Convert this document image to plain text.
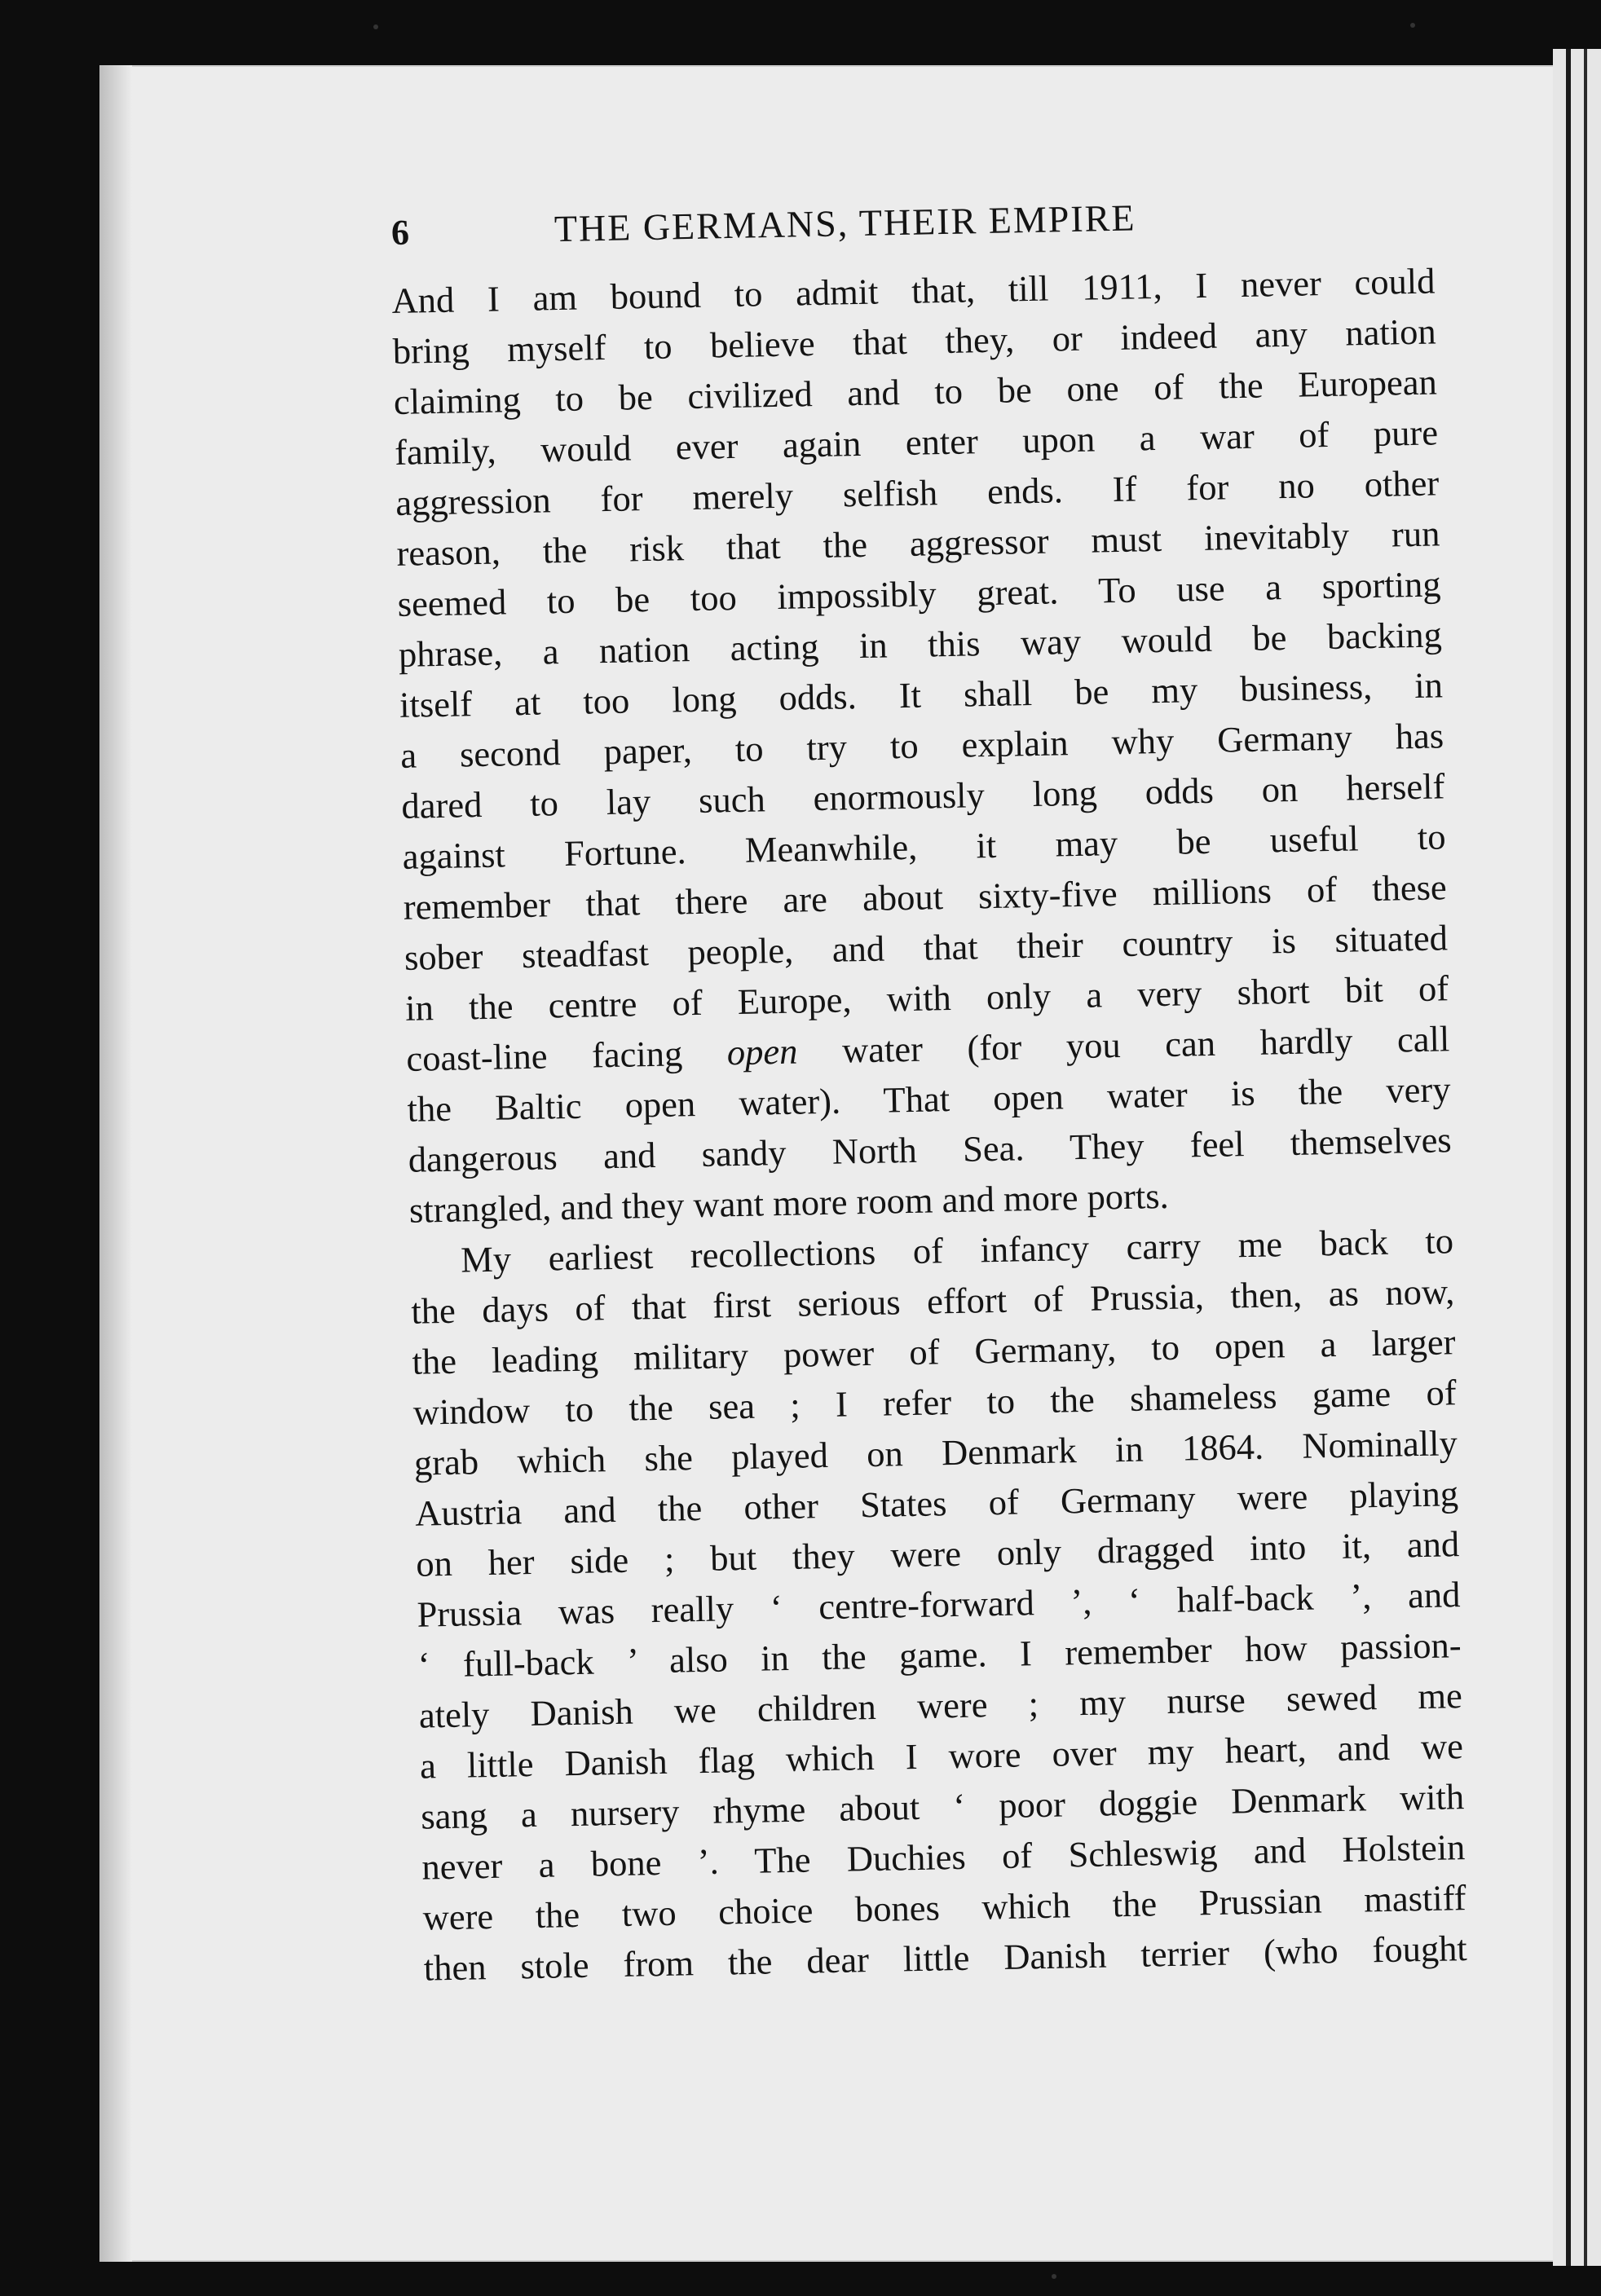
6	THE GERMANS, THEIR EMPIRE
And I am bound to admit that, till 1911, I never could
bring myself to believe that they, or indeed any nation
claiming to be civilized and to be one of the European
family, would ever again enter upon a war of pure
aggression for merely selfish ends. If for no other
reason, the risk that the aggressor must inevitably run
seemed to be too impossibly great. To use a sporting
phrase, a nation acting in this way would be backing
itself at too long odds. It shall be my business, in
a second paper, to try to explain why Germany has
dared to lay such enormously long odds on herself
against Fortune. Meanwhile, it may be useful to
remember that there are about sixty-five millions of these
sober steadfast people, and that their country is situated
in the centre of Europe, with only a very short bit of
coast-line facing open water (for you can hardly call
the Baltic open water). That open water is the very
dangerous and sandy North Sea. They feel themselves
strangled, and they want more room and more ports.
My earliest recollections of infancy carry me back to
the days of that first serious effort of Prussia, then, as now,
the leading military power of Germany, to open a larger
window to the sea ; I refer to the shameless game of
grab which she played on Denmark in 1864. Nominally
Austria and the other States of Germany were playing
on her side ; but they were only dragged into it, and
Prussia was really ‘ centre-forward ’, ‘ half-back ’, and
‘ full-back ’ also in the game. I remember how passion-
ately Danish we children were ; my nurse sewed me
a little Danish flag which I wore over my heart, and we
sang a nursery rhyme about ‘ poor doggie Denmark with
never a bone ’. The Duchies of Schleswig and Holstein
were the two choice bones which the Prussian mastiff
then stole from the dear little Danish terrier (who fought
